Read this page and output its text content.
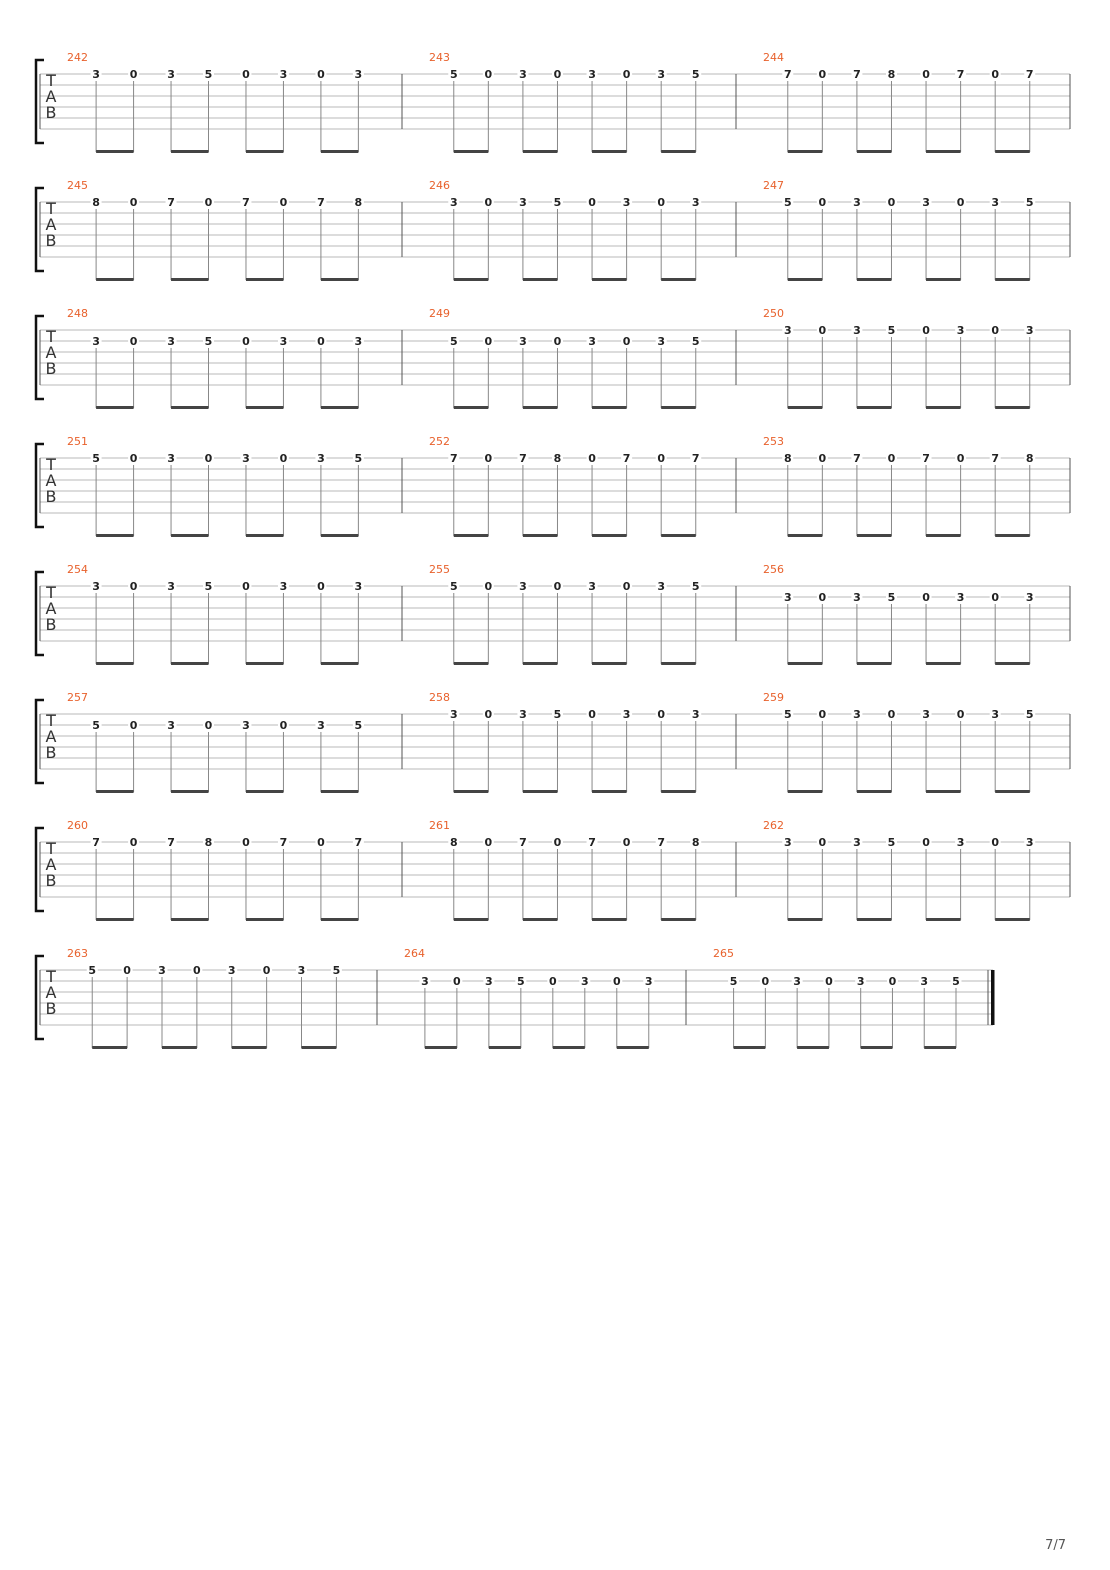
T
A
B
242
3	0	3	5	0	3	0	3
243
5 0 3 0 3 0 3 5
244
7 0 7 8 0 7 0 7
T
A
B
245
8	0	7	0	7	0	7	8
246
3 0 3 5 0 3 0 3
247
5 0 3 0 3 0 3 5
T
A
B
248
3	0	3	5	0	3	0	3
249
5 0 3 0 3 0 3 5
250
3 0 3 5 0 3 0 3
T
A
B
251
5	0	3	0	3	0	3	5
252
7 0 7 8 0 7 0 7
253
8 0 7 0 7 0 7 8
T
A
B
254
3	0	3	5	0	3	0	3
255
5 0 3 0 3 0 3 5
256
3 0 3 5 0 3 0 3
T
A
B
257
5	0	3	0	3	0	3	5
258
3 0 3 5 0 3 0 3
259
5 0 3 0 3 0 3 5
T
A
B
260
7	0	7	8	0	7	0	7
261
8 0 7 0 7 0 7 8
262
3 0 3 5 0 3 0 3
T
A
B
263
5 0 3 0 3 0 3 5
264
3 0 3 5 0 3 0 3
265
5 0 3 0 3 0 3 5
7/7
